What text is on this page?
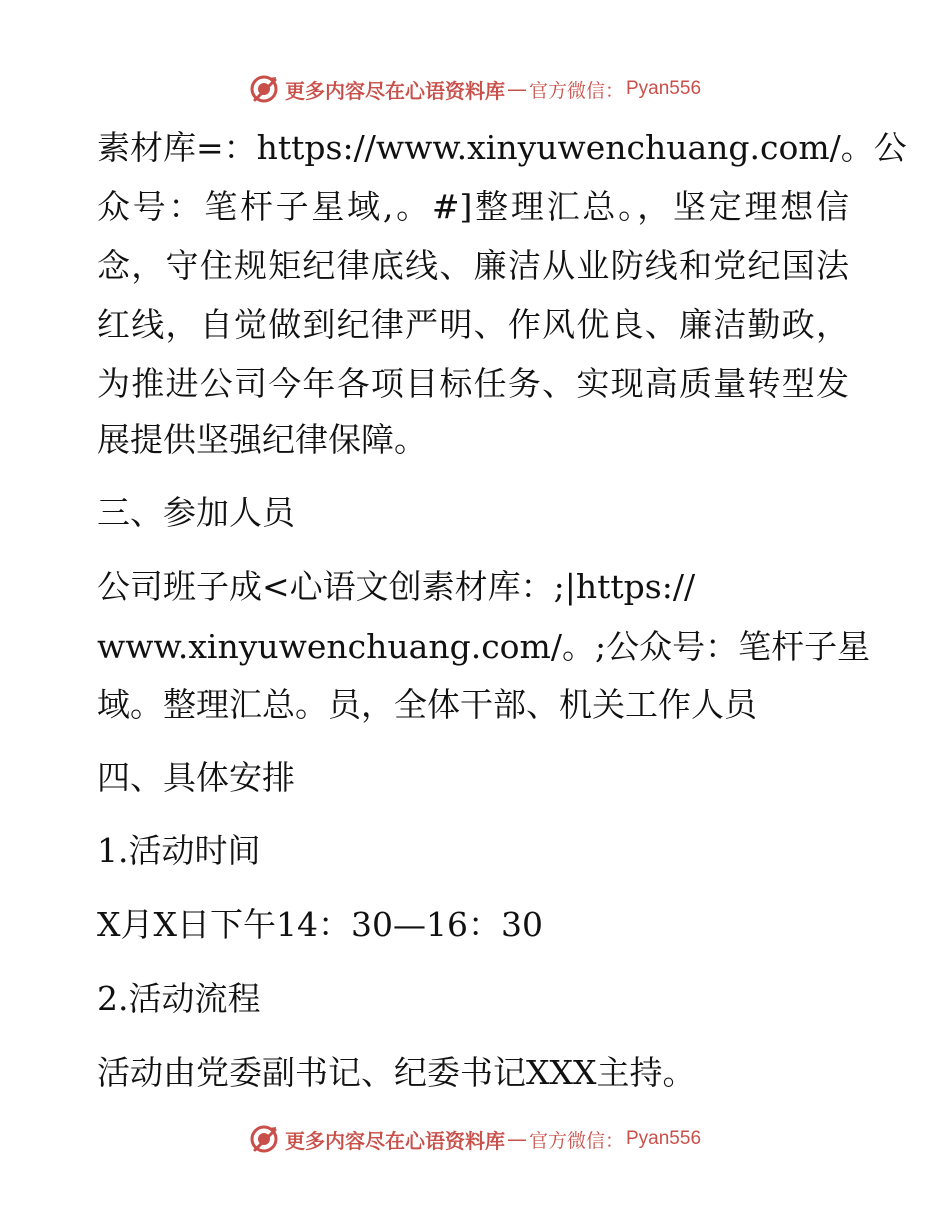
更多内容尽在心语资料库 — 官方微信： Pyan556
素材库=：https://www.xinyuwenchuang.com/。公
众号：笔杆子星域,。#]整理汇总。，坚定理想信
念，守住规矩纪律底线、廉洁从业防线和党纪国法
红线，自觉做到纪律严明、作风优良、廉洁勤政，
为推进公司今年各项目标任务、实现高质量转型发
展提供坚强纪律保障。
三、参加人员
公司班子成<心语文创素材库：;|https://
www.xinyuwenchuang.com/。;公众号：笔杆子星
域。整理汇总。员，全体干部、机关工作人员
四、具体安排
1.活动时间
X月X日下午14：30—16：30
2.活动流程
活动由党委副书记、纪委书记XXX主持。
更多内容尽在心语资料库 — 官方微信： Pyan556
